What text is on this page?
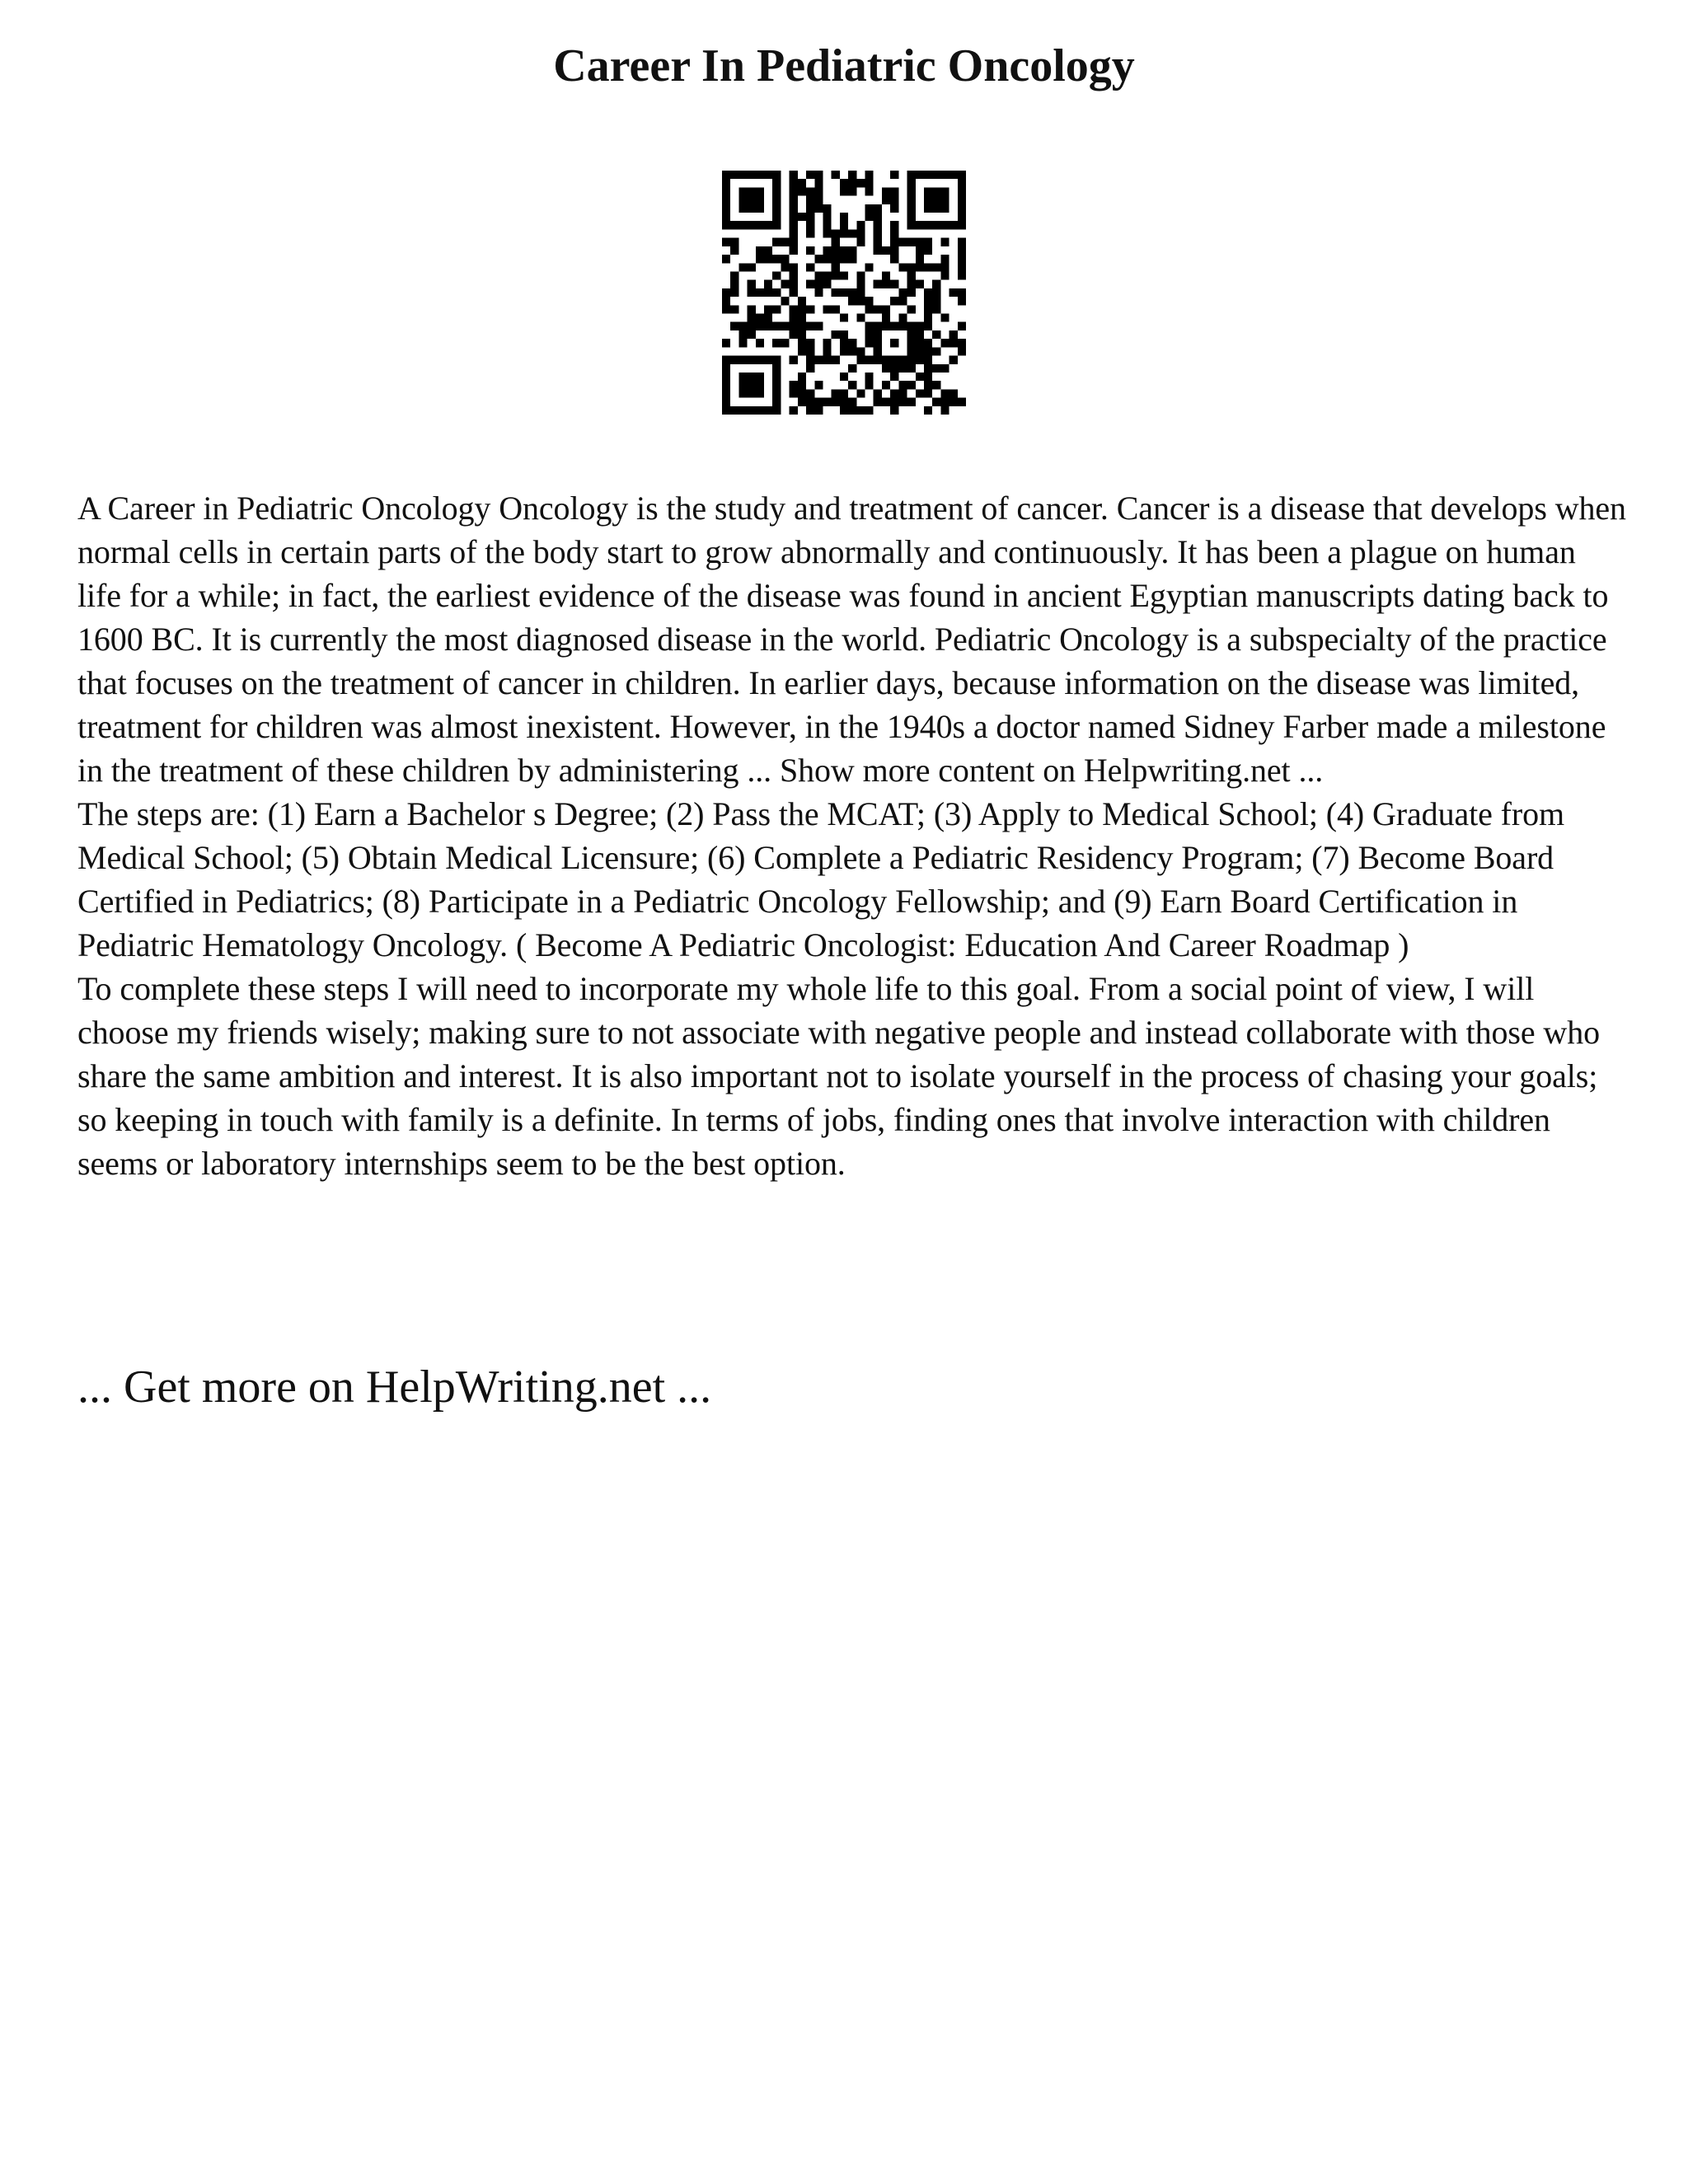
Career In Pediatric Oncology

A Career in Pediatric Oncology Oncology is the study and treatment of cancer. Cancer is a disease that develops when normal cells in certain parts of the body start to grow abnormally and continuously. It has been a plague on human life for a while; in fact, the earliest evidence of the disease was found in ancient Egyptian manuscripts dating back to 1600 BC. It is currently the most diagnosed disease in the world. Pediatric Oncology is a subspecialty of the practice that focuses on the treatment of cancer in children. In earlier days, because information on the disease was limited, treatment for children was almost inexistent. However, in the 1940s a doctor named Sidney Farber made a milestone in the treatment of these children by administering ... Show more content on Helpwriting.net ...

The steps are: (1) Earn a Bachelor s Degree; (2) Pass the MCAT; (3) Apply to Medical School; (4) Graduate from Medical School; (5) Obtain Medical Licensure; (6) Complete a Pediatric Residency Program; (7) Become Board Certified in Pediatrics; (8) Participate in a Pediatric Oncology Fellowship; and (9) Earn Board Certification in Pediatric Hematology Oncology. ( Become A Pediatric Oncologist: Education And Career Roadmap )

To complete these steps I will need to incorporate my whole life to this goal. From a social point of view, I will choose my friends wisely; making sure to not associate with negative people and instead collaborate with those who share the same ambition and interest. It is also important not to isolate yourself in the process of chasing your goals; so keeping in touch with family is a definite. In terms of jobs, finding ones that involve interaction with children seems or laboratory internships seem to be the best option.

... Get more on HelpWriting.net ...
